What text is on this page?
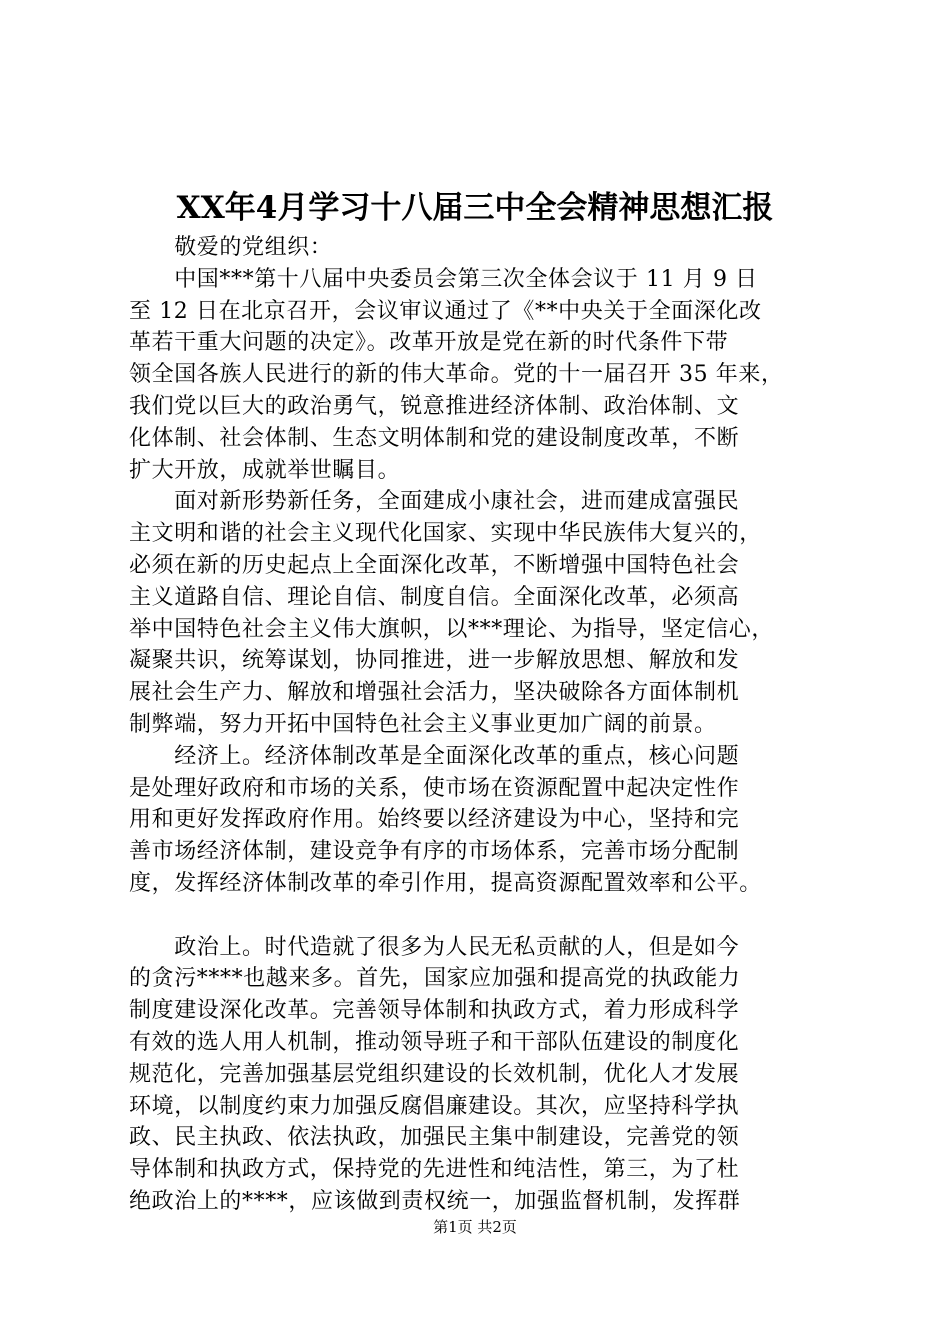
XX年4月学习十八届三中全会精神思想汇报
　　敬爱的党组织：
　　中国***第十八届中央委员会第三次全体会议于 11 月 9 日
至 12 日在北京召开，会议审议通过了《**中央关于全面深化改
革若干重大问题的决定》。改革开放是党在新的时代条件下带
领全国各族人民进行的新的伟大革命。党的十一届召开 35 年来，
我们党以巨大的政治勇气，锐意推进经济体制、政治体制、文
化体制、社会体制、生态文明体制和党的建设制度改革，不断
扩大开放，成就举世瞩目。
　　面对新形势新任务，全面建成小康社会，进而建成富强民
主文明和谐的社会主义现代化国家、实现中华民族伟大复兴的，
必须在新的历史起点上全面深化改革，不断增强中国特色社会
主义道路自信、理论自信、制度自信。全面深化改革，必须高
举中国特色社会主义伟大旗帜，以***理论、为指导，坚定信心，
凝聚共识，统筹谋划，协同推进，进一步解放思想、解放和发
展社会生产力、解放和增强社会活力，坚决破除各方面体制机
制弊端，努力开拓中国特色社会主义事业更加广阔的前景。
　　经济上。经济体制改革是全面深化改革的重点，核心问题
是处理好政府和市场的关系，使市场在资源配置中起决定性作
用和更好发挥政府作用。始终要以经济建设为中心，坚持和完
善市场经济体制，建设竞争有序的市场体系，完善市场分配制
度，发挥经济体制改革的牵引作用，提高资源配置效率和公平。
　　政治上。时代造就了很多为人民无私贡献的人，但是如今
的贪污****也越来多。首先，国家应加强和提高党的执政能力
制度建设深化改革。完善领导体制和执政方式，着力形成科学
有效的选人用人机制，推动领导班子和干部队伍建设的制度化
规范化，完善加强基层党组织建设的长效机制，优化人才发展
环境，以制度约束力加强反腐倡廉建设。其次，应坚持科学执
政、民主执政、依法执政，加强民主集中制建设，完善党的领
导体制和执政方式，保持党的先进性和纯洁性，第三，为了杜
绝政治上的****，应该做到责权统一，加强监督机制，发挥群
第1页 共2页
